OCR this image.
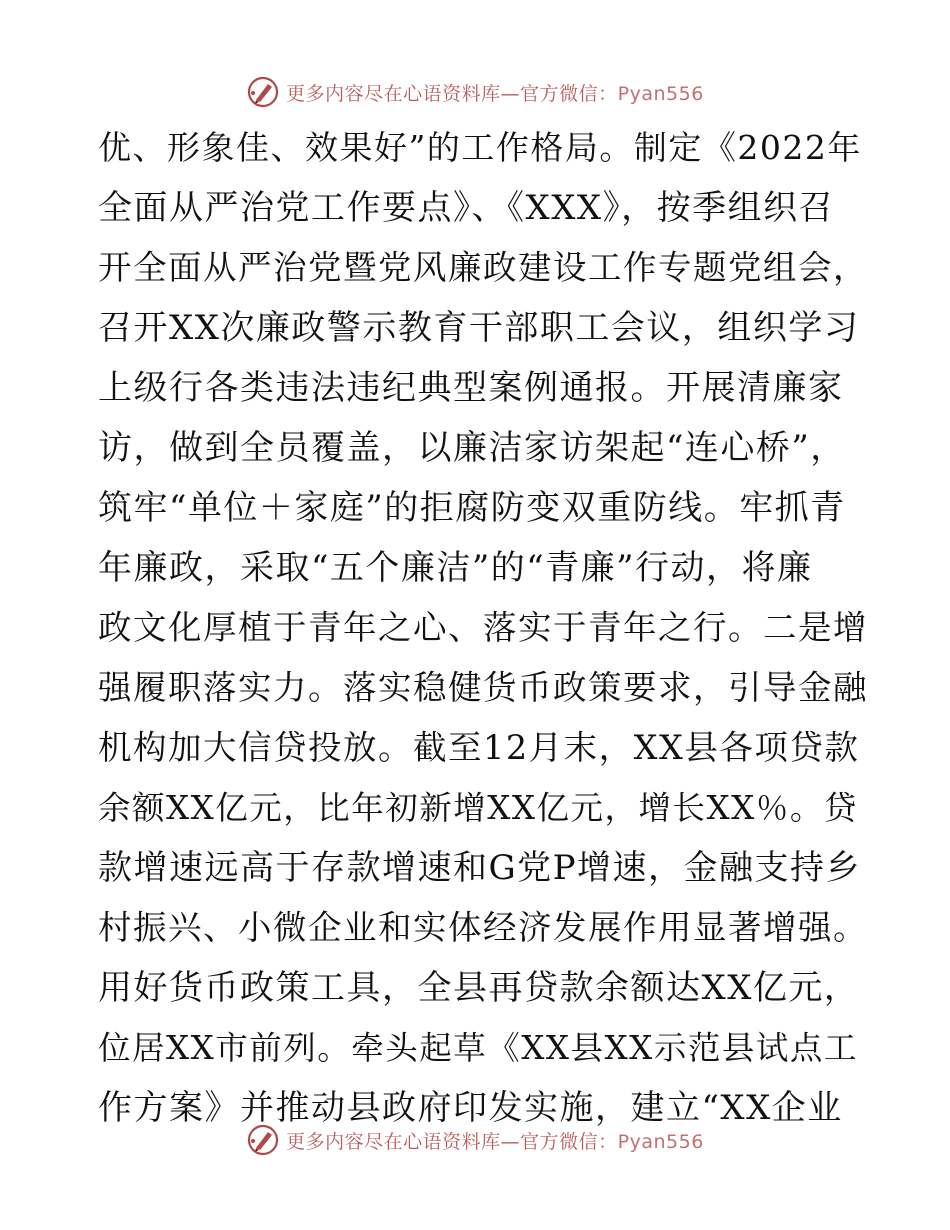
更多内容尽在心语资料库—官方微信：Pyan556
优、形象佳、效果好”的工作格局。制定《2022年
全面从严治党工作要点》、《XXX》，按季组织召
开全面从严治党暨党风廉政建设工作专题党组会，
召开XX次廉政警示教育干部职工会议，组织学习
上级行各类违法违纪典型案例通报。开展清廉家
访，做到全员覆盖，以廉洁家访架起“连心桥”，
筑牢“单位＋家庭”的拒腐防变双重防线。牢抓青
年廉政，采取“五个廉洁”的“青廉”行动，将廉
政文化厚植于青年之心、落实于青年之行。二是增
强履职落实力。落实稳健货币政策要求，引导金融
机构加大信贷投放。截至12月末，XX县各项贷款
余额XX亿元，比年初新增XX亿元，增长XX％。贷
款增速远高于存款增速和G党P增速，金融支持乡
村振兴、小微企业和实体经济发展作用显著增强。
用好货币政策工具，全县再贷款余额达XX亿元，
位居XX市前列。牵头起草《XX县XX示范县试点工
作方案》并推动县政府印发实施，建立“XX企业
更多内容尽在心语资料库—官方微信：Pyan556
